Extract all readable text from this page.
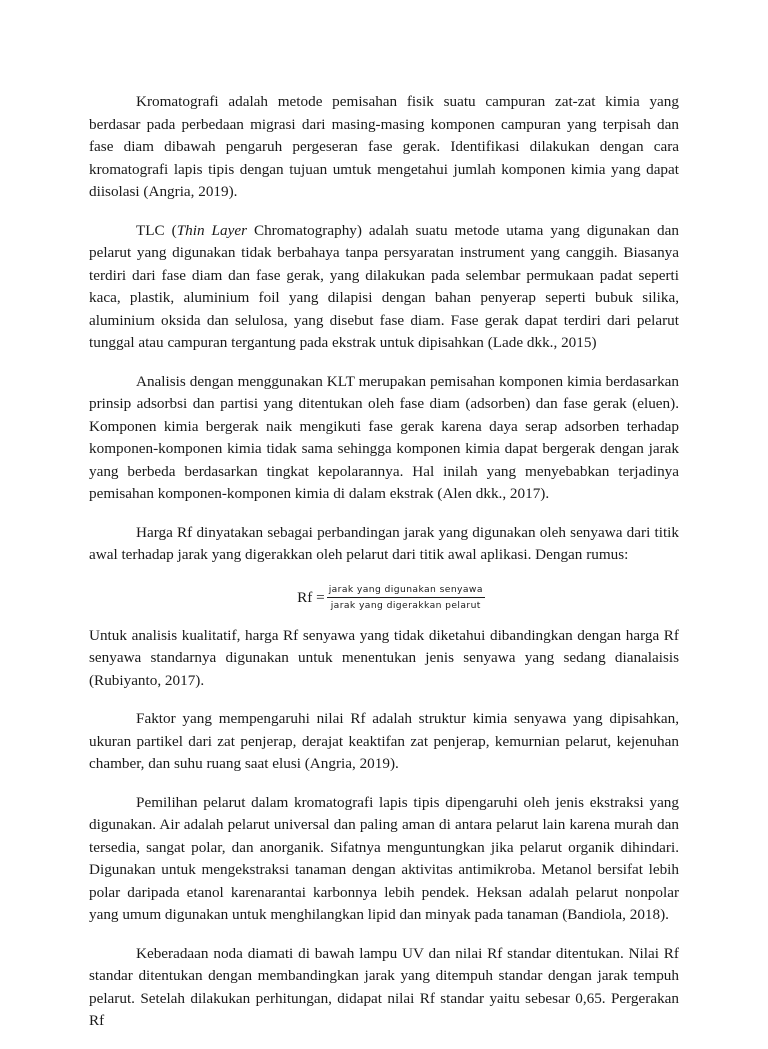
Kromatografi adalah metode pemisahan fisik suatu campuran zat-zat kimia yang berdasar pada perbedaan migrasi dari masing-masing komponen campuran yang terpisah dan fase diam dibawah pengaruh pergeseran fase gerak. Identifikasi dilakukan dengan cara kromatografi lapis tipis dengan tujuan umtuk mengetahui jumlah komponen kimia yang dapat diisolasi (Angria, 2019).

TLC (Thin Layer Chromatography) adalah suatu metode utama yang digunakan dan pelarut yang digunakan tidak berbahaya tanpa persyaratan instrument yang canggih. Biasanya terdiri dari fase diam dan fase gerak, yang dilakukan pada selembar permukaan padat seperti kaca, plastik, aluminium foil yang dilapisi dengan bahan penyerap seperti bubuk silika, aluminium oksida dan selulosa, yang disebut fase diam. Fase gerak dapat terdiri dari pelarut tunggal atau campuran tergantung pada ekstrak untuk dipisahkan (Lade dkk., 2015)

Analisis dengan menggunakan KLT merupakan pemisahan komponen kimia berdasarkan prinsip adsorbsi dan partisi yang ditentukan oleh fase diam (adsorben) dan fase gerak (eluen). Komponen kimia bergerak naik mengikuti fase gerak karena daya serap adsorben terhadap komponen-komponen kimia tidak sama sehingga komponen kimia dapat bergerak dengan jarak yang berbeda berdasarkan tingkat kepolarannya. Hal inilah yang menyebabkan terjadinya pemisahan komponen-komponen kimia di dalam ekstrak (Alen dkk., 2017).

Harga Rf dinyatakan sebagai perbandingan jarak yang digunakan oleh senyawa dari titik awal terhadap jarak yang digerakkan oleh pelarut dari titik awal aplikasi. Dengan rumus:

$Rf = \frac{\text{jarak yang digunakan senyawa}}{\text{jarak yang digerakkan pelarut}}$

Untuk analisis kualitatif, harga Rf senyawa yang tidak diketahui dibandingkan dengan harga Rf senyawa standarnya digunakan untuk menentukan jenis senyawa yang sedang dianalaisis (Rubiyanto, 2017).

Faktor yang mempengaruhi nilai Rf adalah struktur kimia senyawa yang dipisahkan, ukuran partikel dari zat penjerap, derajat keaktifan zat penjerap, kemurnian pelarut, kejenuhan chamber, dan suhu ruang saat elusi (Angria, 2019).

Pemilihan pelarut dalam kromatografi lapis tipis dipengaruhi oleh jenis ekstraksi yang digunakan. Air adalah pelarut universal dan paling aman di antara pelarut lain karena murah dan tersedia, sangat polar, dan anorganik. Sifatnya menguntungkan jika pelarut organik dihindari. Digunakan untuk mengekstraksi tanaman dengan aktivitas antimikroba. Metanol bersifat lebih polar daripada etanol karenarantai karbonnya lebih pendek. Heksan adalah pelarut nonpolar yang umum digunakan untuk menghilangkan lipid dan minyak pada tanaman (Bandiola, 2018).

Keberadaan noda diamati di bawah lampu UV dan nilai Rf standar ditentukan. Nilai Rf standar ditentukan dengan membandingkan jarak yang ditempuh standar dengan jarak tempuh pelarut. Setelah dilakukan perhitungan, didapat nilai Rf standar yaitu sebesar 0,65. Pergerakan Rf
